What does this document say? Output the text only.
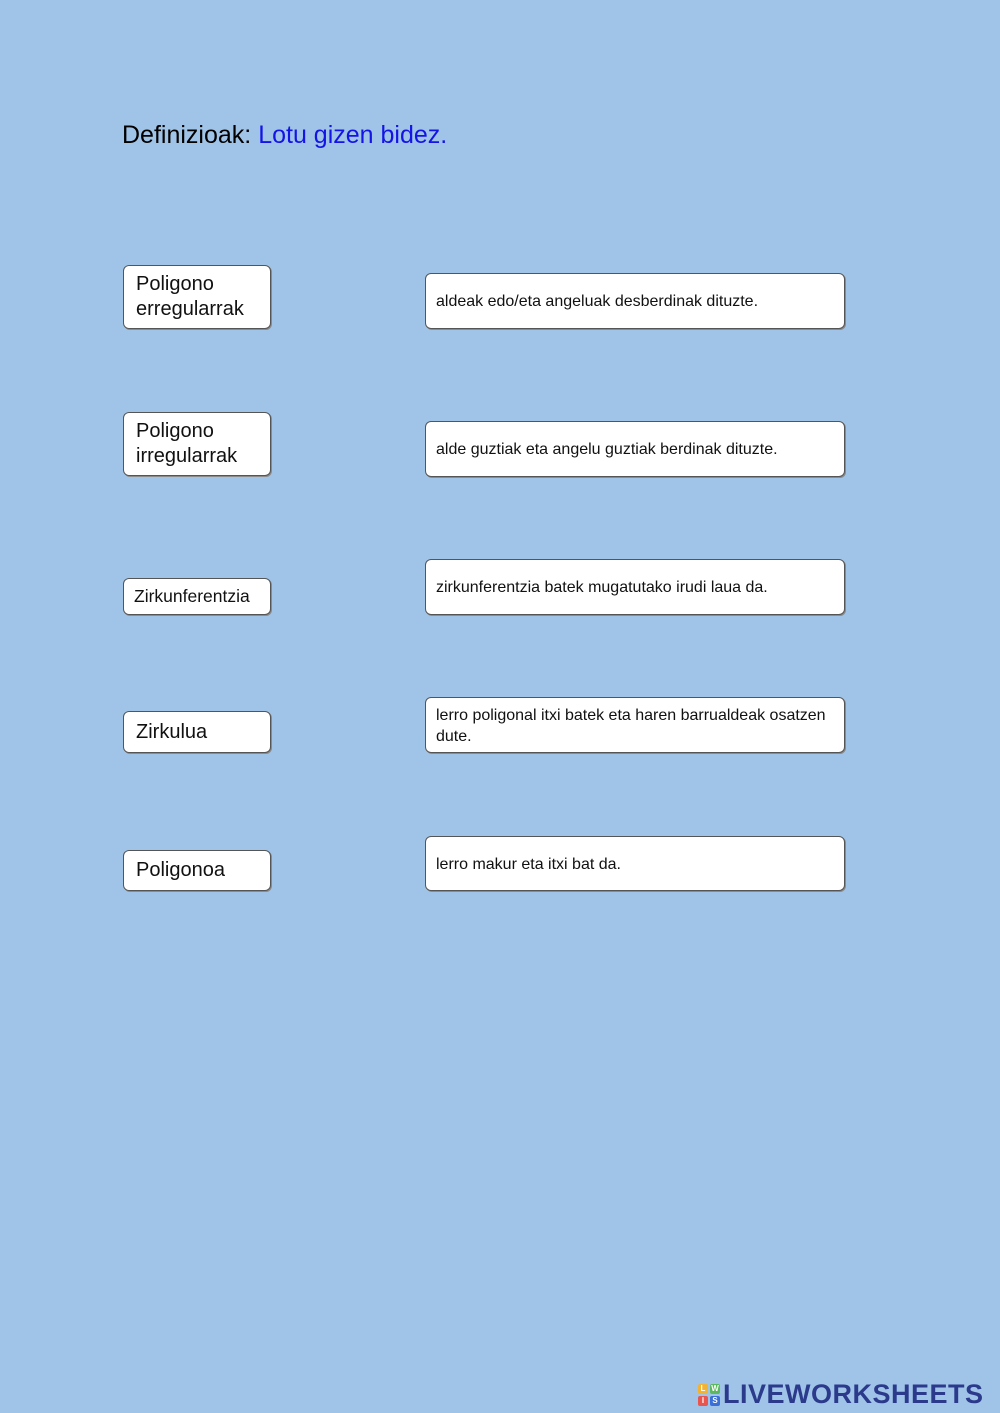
Definizioak: Lotu gizen bidez.
Poligono erregularrak
Poligono irregularrak
Zirkunferentzia
Zirkulua
Poligonoa
aldeak edo/eta angeluak desberdinak dituzte.
alde guztiak eta angelu guztiak berdinak dituzte.
zirkunferentzia batek mugatutako irudi laua da.
lerro poligonal itxi batek eta haren barrualdeak osatzen dute.
lerro makur eta itxi bat da.
L W
I	S LIVEWORKSHEETS
